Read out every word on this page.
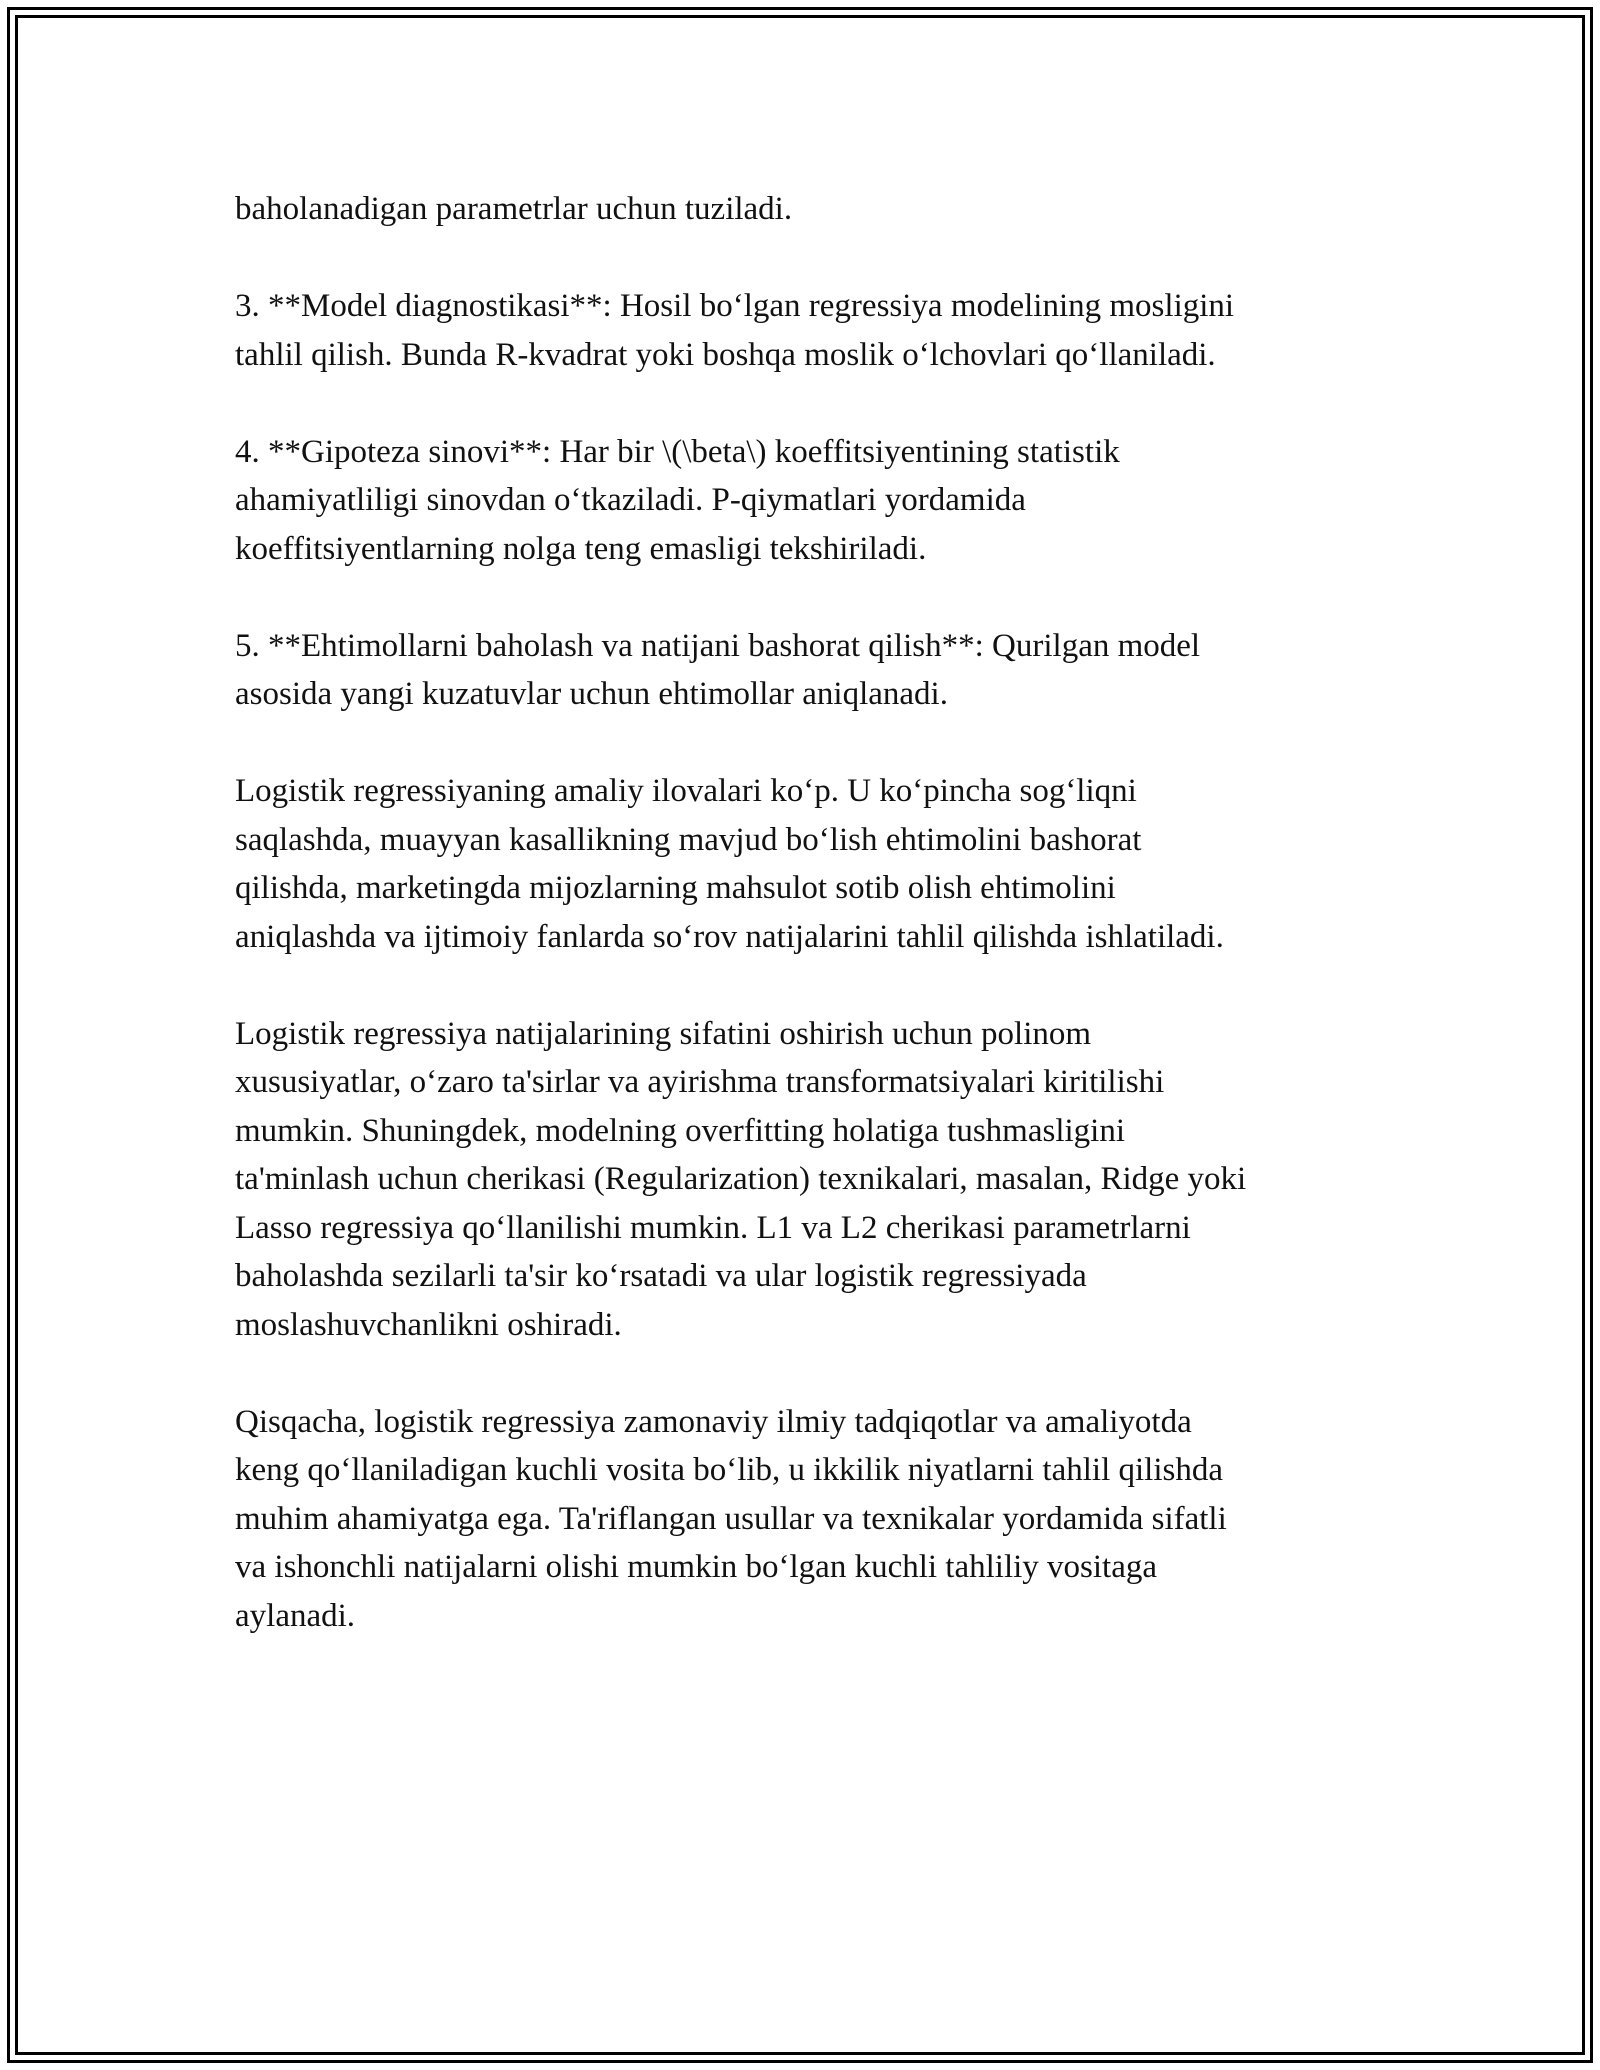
baholanadigan parametrlar uchun tuziladi.

3. **Model diagnostikasi**: Hosil bo‘lgan regressiya modelining mosligini
tahlil qilish. Bunda R-kvadrat yoki boshqa moslik o‘lchovlari qo‘llaniladi.

4. **Gipoteza sinovi**: Har bir \(\beta\) koeffitsiyentining statistik
ahamiyatliligi sinovdan o‘tkaziladi. P-qiymatlari yordamida
koeffitsiyentlarning nolga teng emasligi tekshiriladi.

5. **Ehtimollarni baholash va natijani bashorat qilish**: Qurilgan model
asosida yangi kuzatuvlar uchun ehtimollar aniqlanadi.

Logistik regressiyaning amaliy ilovalari ko‘p. U ko‘pincha sog‘liqni
saqlashda, muayyan kasallikning mavjud bo‘lish ehtimolini bashorat
qilishda, marketingda mijozlarning mahsulot sotib olish ehtimolini
aniqlashda va ijtimoiy fanlarda so‘rov natijalarini tahlil qilishda ishlatiladi.

Logistik regressiya natijalarining sifatini oshirish uchun polinom
xususiyatlar, o‘zaro ta'sirlar va ayirishma transformatsiyalari kiritilishi
mumkin. Shuningdek, modelning overfitting holatiga tushmasligini
ta'minlash uchun cherikasi (Regularization) texnikalari, masalan, Ridge yoki
Lasso regressiya qo‘llanilishi mumkin. L1 va L2 cherikasi parametrlarni
baholashda sezilarli ta'sir ko‘rsatadi va ular logistik regressiyada
moslashuvchanlikni oshiradi.

Qisqacha, logistik regressiya zamonaviy ilmiy tadqiqotlar va amaliyotda
keng qo‘llaniladigan kuchli vosita bo‘lib, u ikkilik niyatlarni tahlil qilishda
muhim ahamiyatga ega. Ta'riflangan usullar va texnikalar yordamida sifatli
va ishonchli natijalarni olishi mumkin bo‘lgan kuchli tahliliy vositaga
aylanadi.
